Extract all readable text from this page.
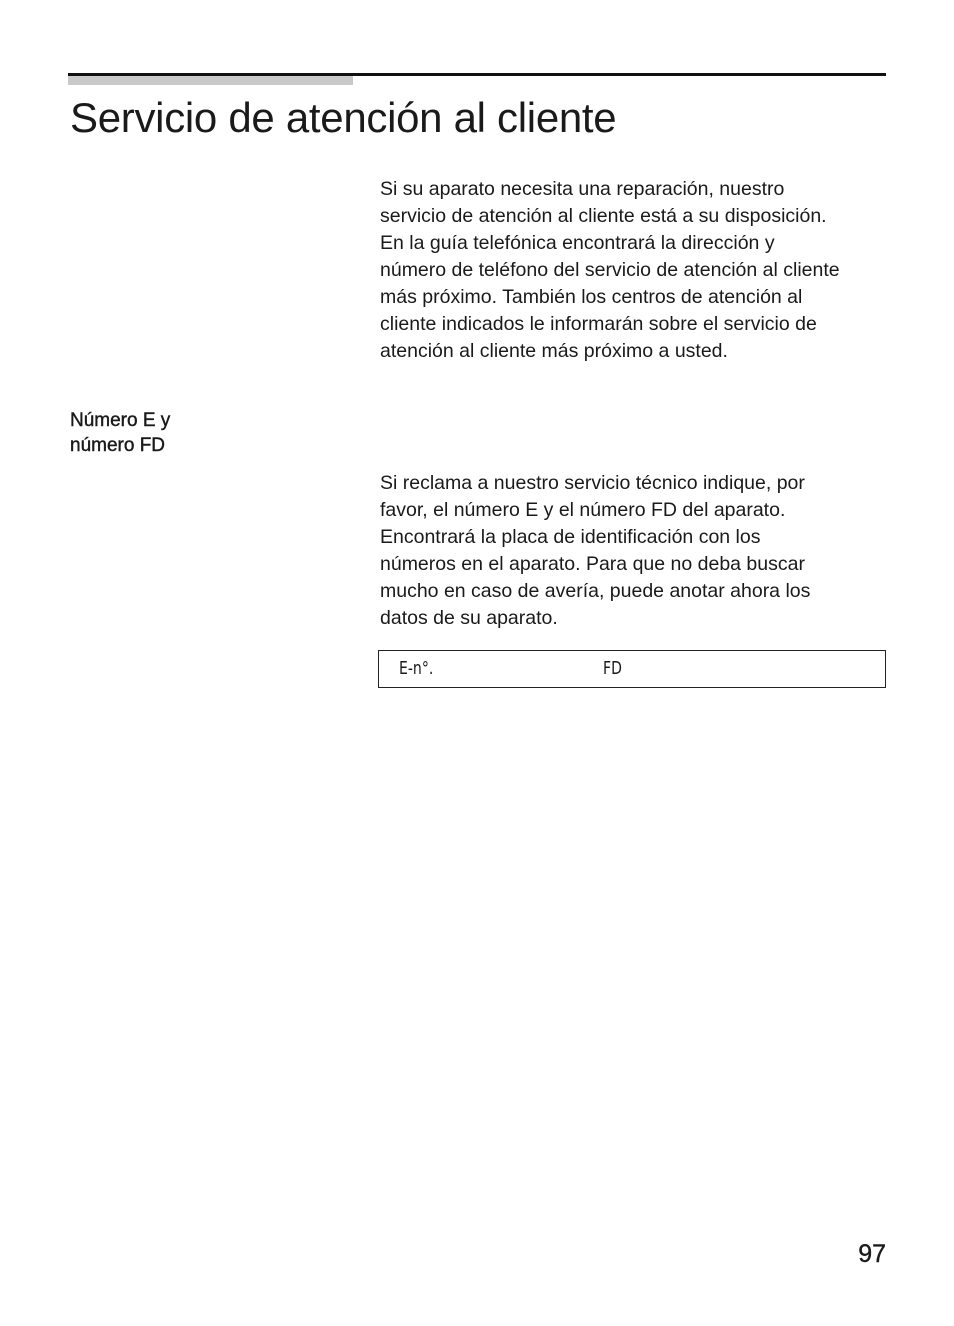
Servicio de atención al cliente

Si su aparato necesita una reparación, nuestro
servicio de atención al cliente está a su disposición.
En la guía telefónica encontrará la dirección y
número de teléfono del servicio de atención al cliente
más próximo. También los centros de atención al
cliente indicados le informarán sobre el servicio de
atención al cliente más próximo a usted.

Número E y
número FD

Si reclama a nuestro servicio técnico indique, por
favor, el número E y el número FD del aparato.
Encontrará la placa de identificación con los
números en el aparato. Para que no deba buscar
mucho en caso de avería, puede anotar ahora los
datos de su aparato.

E-n°.	FD
97
